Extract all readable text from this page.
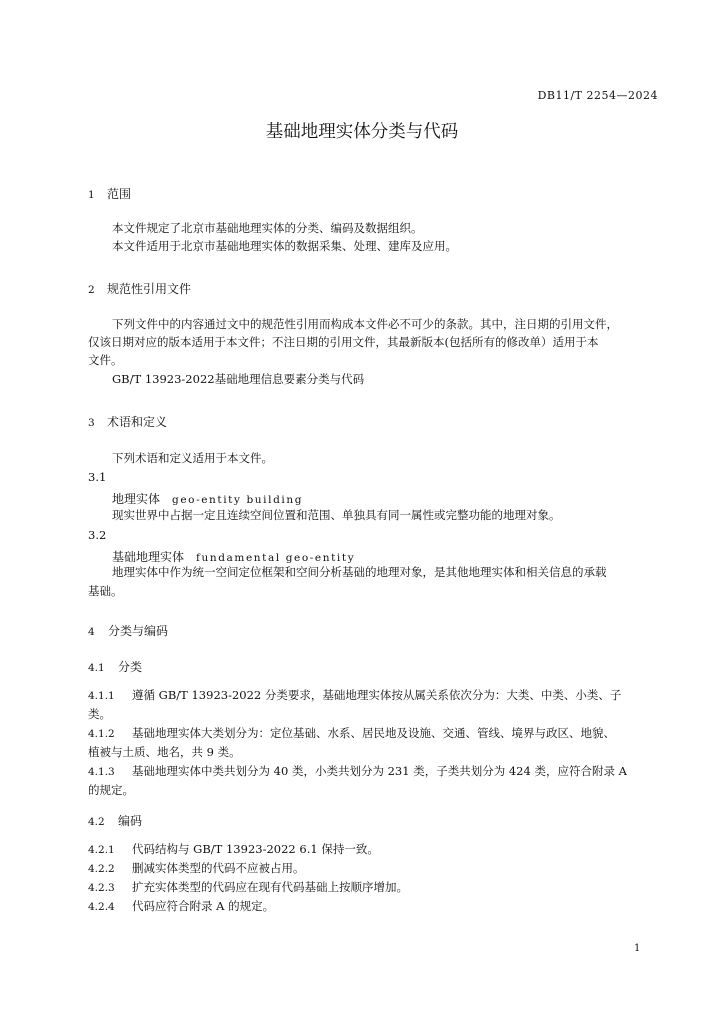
DB11/T 2254—2024
基础地理实体分类与代码
1 范围
本文件规定了北京市基础地理实体的分类、编码及数据组织。
本文件适用于北京市基础地理实体的数据采集、处理、建库及应用。
2 规范性引用文件
下列文件中的内容通过文中的规范性引用而构成本文件必不可少的条款。其中，注日期的引用文件，
仅该日期对应的版本适用于本文件；不注日期的引用文件，其最新版本(包括所有的修改单）适用于本
文件。
GB/T 13923-2022基础地理信息要素分类与代码
3 术语和定义
下列术语和定义适用于本文件。
3.1
地理实体 geo-entity building
现实世界中占据一定且连续空间位置和范围、单独具有同一属性或完整功能的地理对象。
3.2
基础地理实体 fundamental geo-entity
地理实体中作为统一空间定位框架和空间分析基础的地理对象，是其他地理实体和相关信息的承载
基础。
4 分类与编码
4.1 分类
4.1.1 遵循 GB/T 13923-2022 分类要求，基础地理实体按从属关系依次分为：大类、中类、小类、子
类。
4.1.2 基础地理实体大类划分为：定位基础、水系、居民地及设施、交通、管线、境界与政区、地貌、
植被与土质、地名，共 9 类。
4.1.3 基础地理实体中类共划分为 40 类，小类共划分为 231 类，子类共划分为 424 类，应符合附录 A
的规定。
4.2 编码
4.2.1 代码结构与 GB/T 13923-2022 6.1 保持一致。
4.2.2 删减实体类型的代码不应被占用。
4.2.3 扩充实体类型的代码应在现有代码基础上按顺序增加。
4.2.4 代码应符合附录 A 的规定。
1
